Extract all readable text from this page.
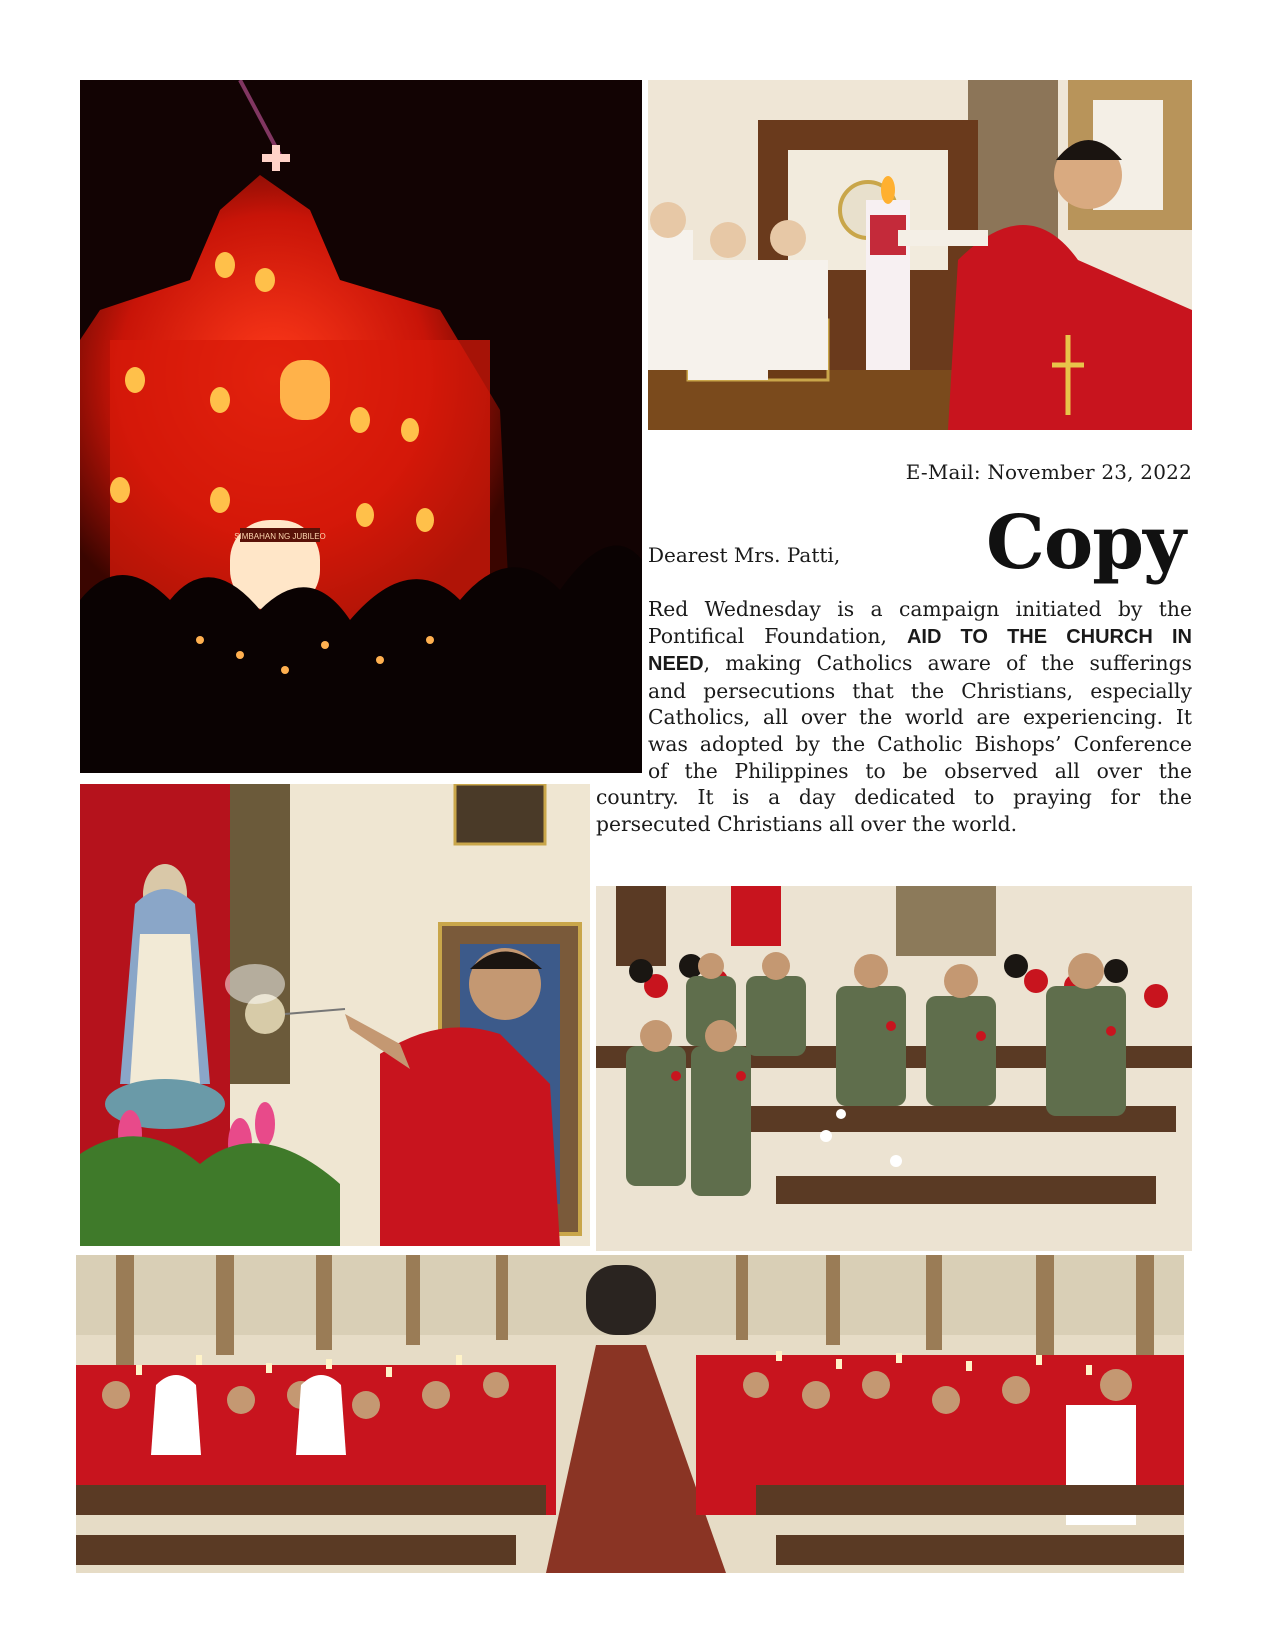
SIMBAHAN NG JUBILEO
E-Mail: November 23, 2022
Copy
Dearest Mrs. Patti,
Red Wednesday is a campaign initiated by the
Pontifical Foundation, AID TO THE CHURCH IN
NEED, making Catholics aware of the sufferings
and persecutions that the Christians, especially
Catholics, all over the world are experiencing. It
was adopted by the Catholic Bishops’ Conference
of the Philippines to be observed all over the
country. It is a day dedicated to praying for the
persecuted Christians all over the world.
